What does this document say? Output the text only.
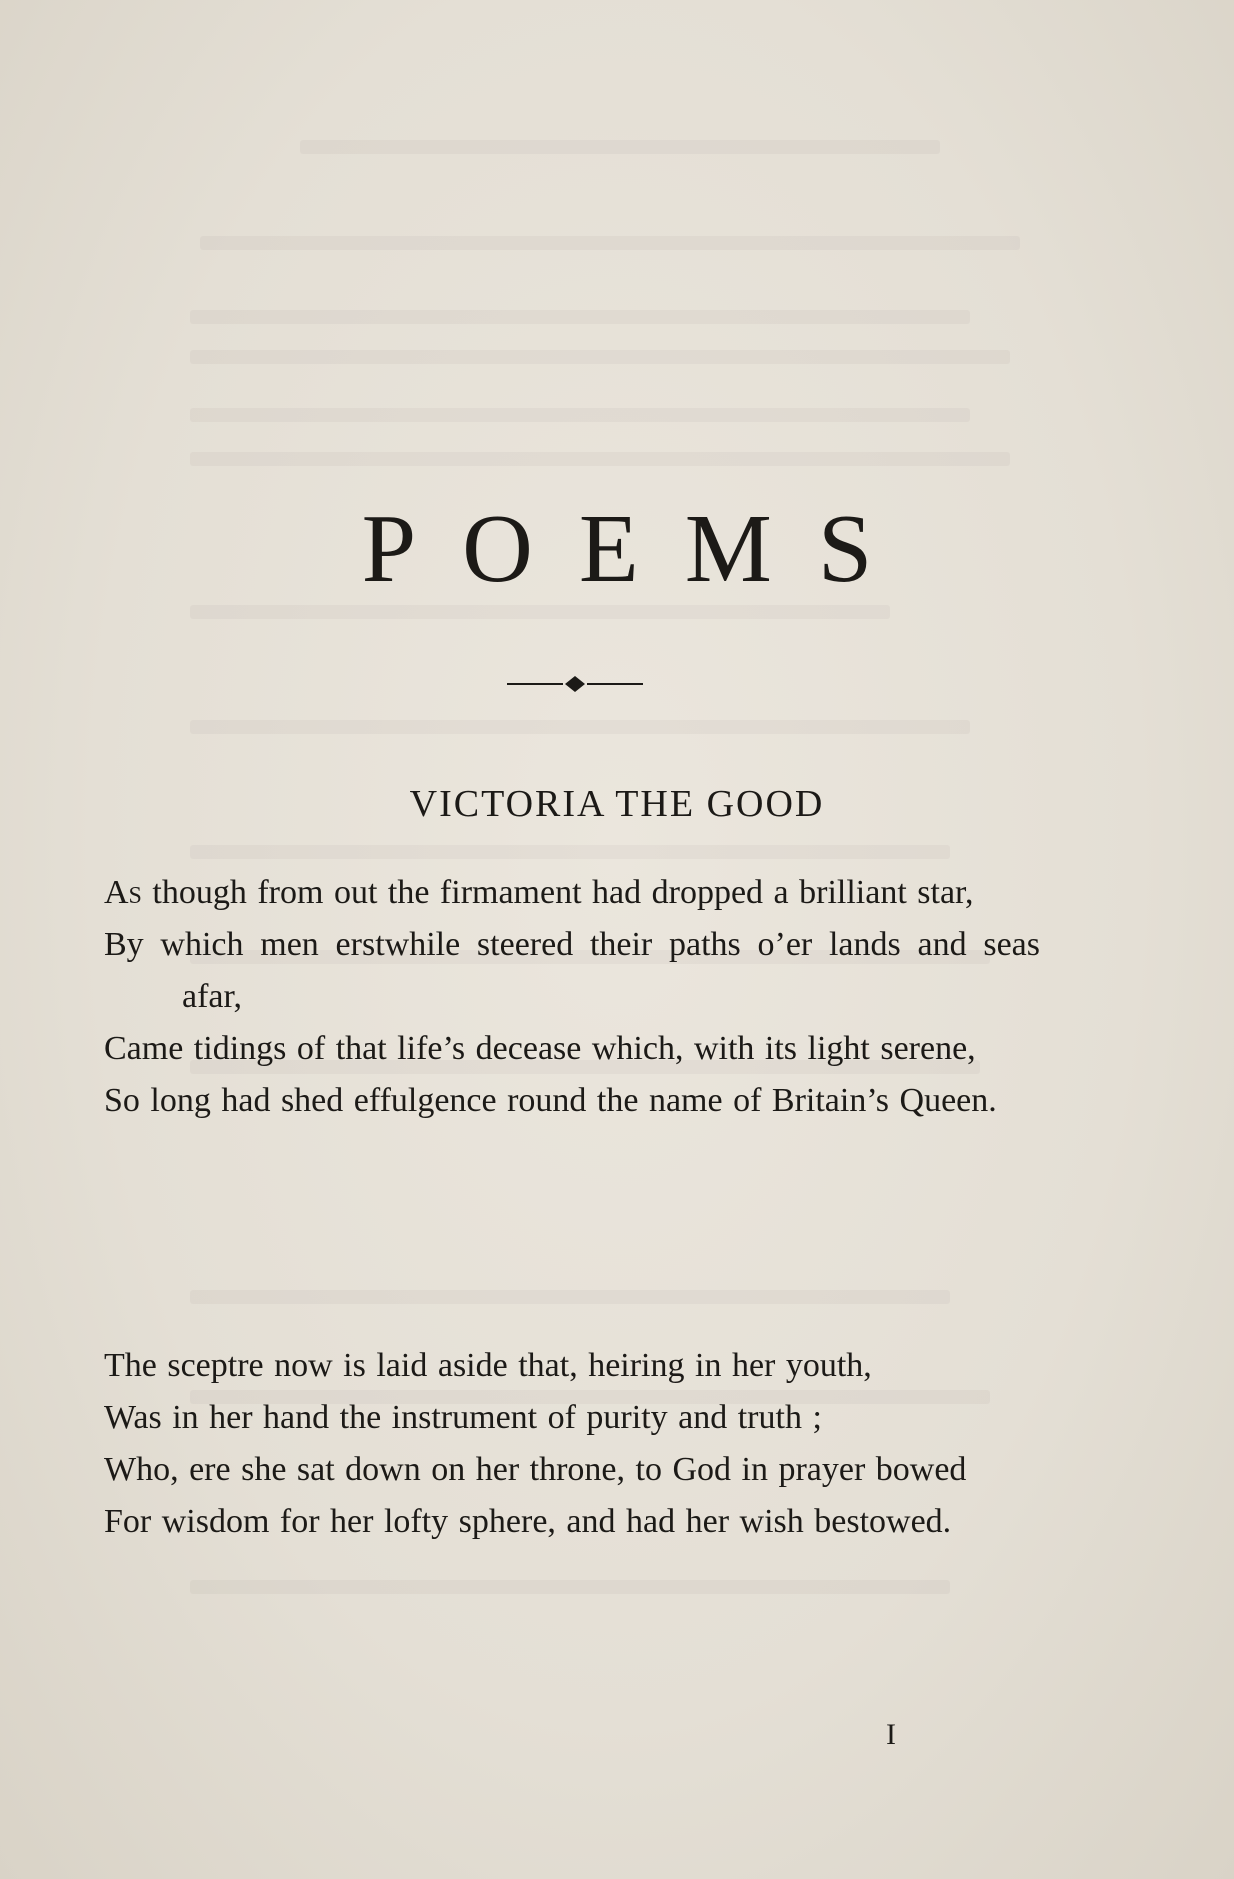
POEMS
VICTORIA THE GOOD
As though from out the firmament had dropped a brilliant star,
By which men erstwhile steered their paths o’er lands and seas afar,
Came tidings of that life’s decease which, with its light serene,
So long had shed effulgence round the name of Britain’s Queen.
The sceptre now is laid aside that, heiring in her youth,
Was in her hand the instrument of purity and truth ;
Who, ere she sat down on her throne, to God in prayer bowed
For wisdom for her lofty sphere, and had her wish bestowed.
I
